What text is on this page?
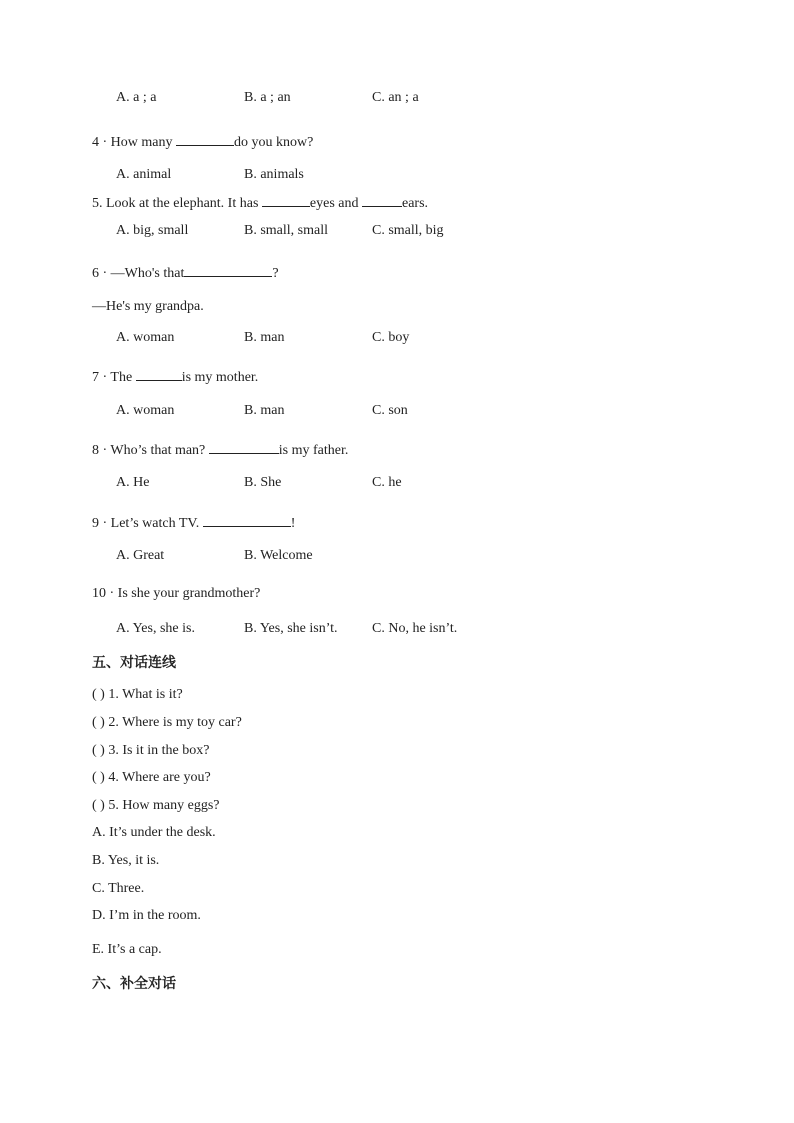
A. a ; a	B. a ; an	C. an ; a
4 · How many	do you know?
A. animal	B. animals
5. Look at the elephant. It has	eyes and	ears.
A. big, small	B. small, small	C. small, big
6 · —Who's that	?
—He's my grandpa.
A. woman	B. man	C. boy
7 · The	is my mother.
A. woman	B. man	C. son
8 · Who’s that man?	is my father.
A. He	B. She	C. he
9 · Let’s watch TV.	!
A. Great	B. Welcome
10 · Is she your grandmother?
A. Yes, she is.	B. Yes, she isn’t. C. No, he isn’t.
五、对话连线
( ) 1. What is it?
( ) 2. Where is my toy car?
( ) 3. Is it in the box?
( ) 4. Where are you?
( ) 5. How many eggs?
A. It’s under the desk.
B. Yes, it is.
C. Three.
D. I’m in the room.
E. It’s a cap.
六、补全对话
